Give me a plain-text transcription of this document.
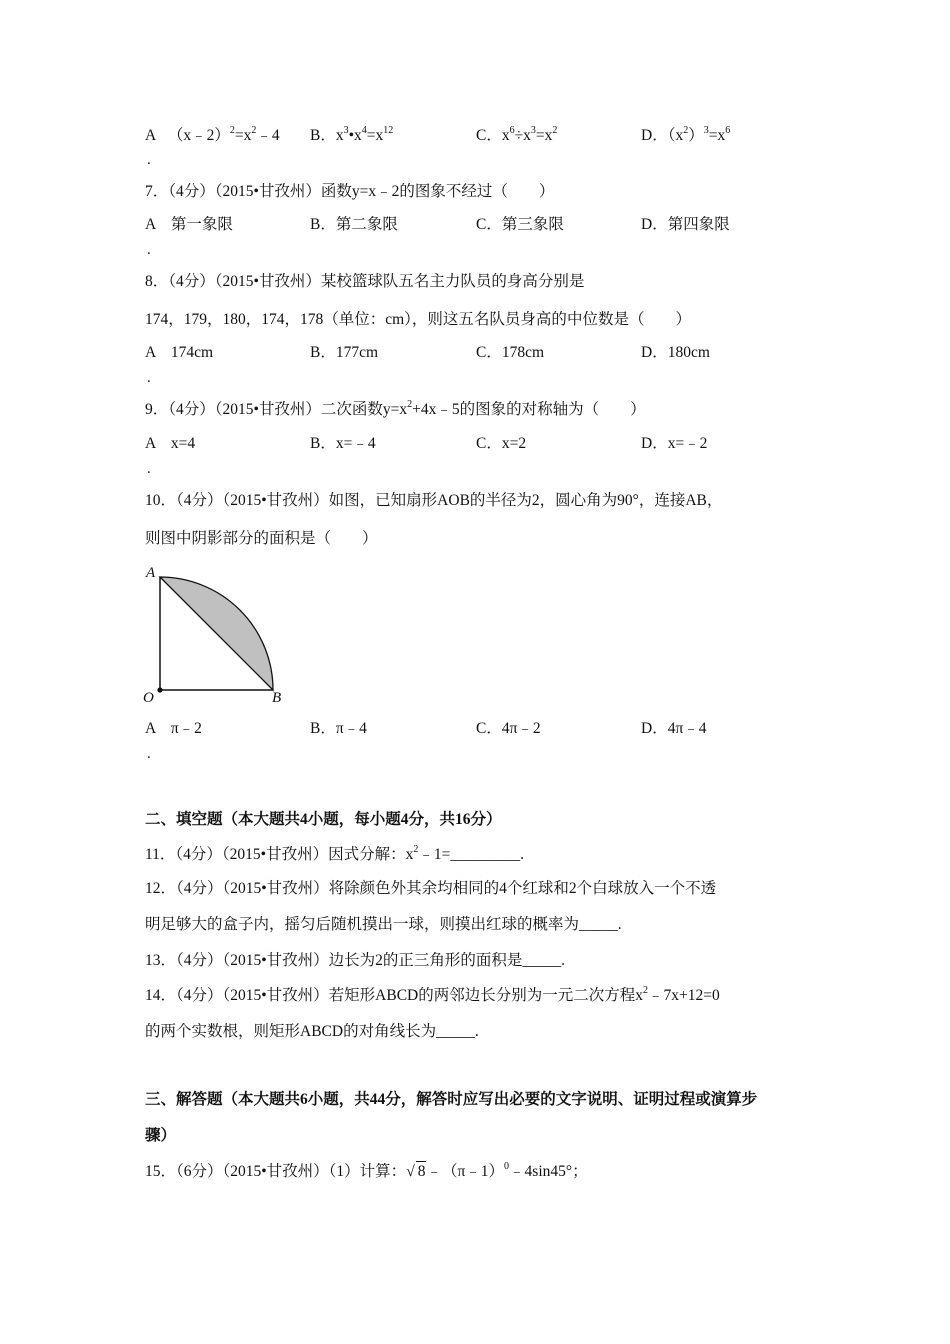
A $(x﹣2)^2=x^2﹣4$ B．$x^3•x^4=x^{12}$	C．$x^6\div x^3=x^2$	D．$(x^2)^3=x^6$
.
7．（4分）（2015•甘孜州）函数y=x﹣2的图象不经过（　　）
A　第一象限	B．第二象限	C．第三象限	D．第四象限
.
8．（4分）（2015•甘孜州）某校篮球队五名主力队员的身高分别是
174，179，180，174，178（单位：cm），则这五名队员身高的中位数是（　　）
A　174cm	B．177cm	C．178cm	D．180cm
.
9．（4分）（2015•甘孜州）二次函数$y=x^2+4x﹣5$的图象的对称轴为（　　）
A　x=4	B．x=﹣4	C．x=2	D．x=﹣2
.
10．（4分）（2015•甘孜州）如图，已知扇形AOB的半径为2，圆心角为90°，连接AB，
则图中阴影部分的面积是（　　）
A
O	B
A　π﹣2	B．π﹣4	C．4π﹣2	D．4π﹣4
.
二、填空题（本大题共4小题，每小题4分，共16分）
11．（4分）（2015•甘孜州）因式分解：$x^2﹣1=\_\_\_\_\_\_\_\_\_$.
12．（4分）（2015•甘孜州）将除颜色外其余均相同的4个红球和2个白球放入一个不透
明足够大的盒子内，摇匀后随机摸出一球，则摸出红球的概率为_____.
13．（4分）（2015•甘孜州）边长为2的正三角形的面积是_____.
14．（4分）（2015•甘孜州）若矩形ABCD的两邻边长分别为一元二次方程$x^2﹣7x+12=0$
的两个实数根，则矩形ABCD的对角线长为_____.
三、解答题（本大题共6小题，共44分，解答时应写出必要的文字说明、证明过程或演算步
骤）
15．（6分）（2015•甘孜州）（1）计算：√ 8﹣（π﹣1）$^0$﹣4sin45°；
